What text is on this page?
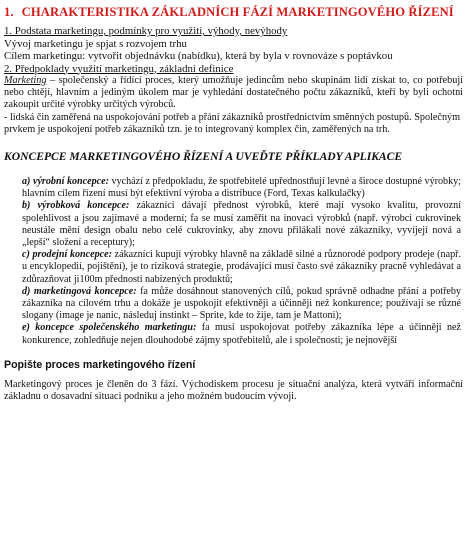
1. CHARAKTERISTIKA ZÁKLADNÍCH FÁZÍ MARKETINGOVÉHO ŘÍZENÍ
1. Podstata marketingu, podmínky pro využití, výhody, nevýhody
Vývoj marketingu je spjat s rozvojem trhu
Cílem marketingu: vytvořit objednávku (nabídku), která by byla v rovnováze s poptávkou
2. Předpoklady využití marketingu, základní definice
Marketing – společenský a řídící proces, který umožňuje jedincům nebo skupinám lidí získat to, co potřebují nebo chtějí, hlavním a jediným úkolem mar je vyhledání dostatečného počtu zákazníků, kteří by byli ochotni zakoupit určité výrobky určitých výrobců.
- lidská čin zaměřená na uspokojování potřeb a přání zákazníků prostřednictvím směnných postupů. Společným prvkem je uspokojení potřeb zákazníků tzn. je to integrovaný komplex čin, zaměřených na trh.
KONCEPCE MARKETINGOVÉHO ŘÍZENÍ A UVEĎTE PŘÍKLADY APLIKACE
a) výrobní koncepce: vychází z předpokladu, že spotřebitelé upřednostňují levné a široce dostupné výrobky; hlavním cílem řízení musí být efektivní výroba a distribuce (Ford, Texas kalkulačky)
b) výrobková koncepce: zákazníci dávají přednost výrobků, které mají vysoko kvalitu, provozní spolehlivost a jsou zajímavé a moderní; fa se musí zaměřit na inovaci výrobků (např. výrobci cukrovinek neustále mění design obalu nebo celé cukrovinky, aby znovu přilákali nové zákazníky, vyvíjejí nová a „lepší“ složení a receptury);
c) prodejní koncepce: zákazníci kupují výrobky hlavně na základě silné a různorodé podpory prodeje (např. u encyklopedií, pojištění), je to riziková strategie, prodávající musí často své zákazníky pracně vyhledávat a zdůrazňovat ji100m přednosti nabízených produktů;
d) marketingová koncepce: fa může dosáhnout stanovených cílů, pokud správně odhadne přání a potřeby zákazníka na cílovém trhu a dokáže je uspokojit efektivněji a účinněji než konkurence; používají se různé slogany (image je nanic, následuj instinkt – Sprite, kde to žije, tam je Mattoni);
e) koncepce společenského marketingu: fa musí uspokojovat potřeby zákazníka lépe a účinněji než konkurence, zohledňuje nejen dlouhodobé zájmy spotřebitelů, ale i společnosti; je nejnovější
Popište proces marketingového řízení
Marketingový proces je členěn do 3 fází. Východiskem procesu je situační analýza, která vytváří informační základnu o dosavadní situaci podniku a jeho možném budoucím vývoji.
